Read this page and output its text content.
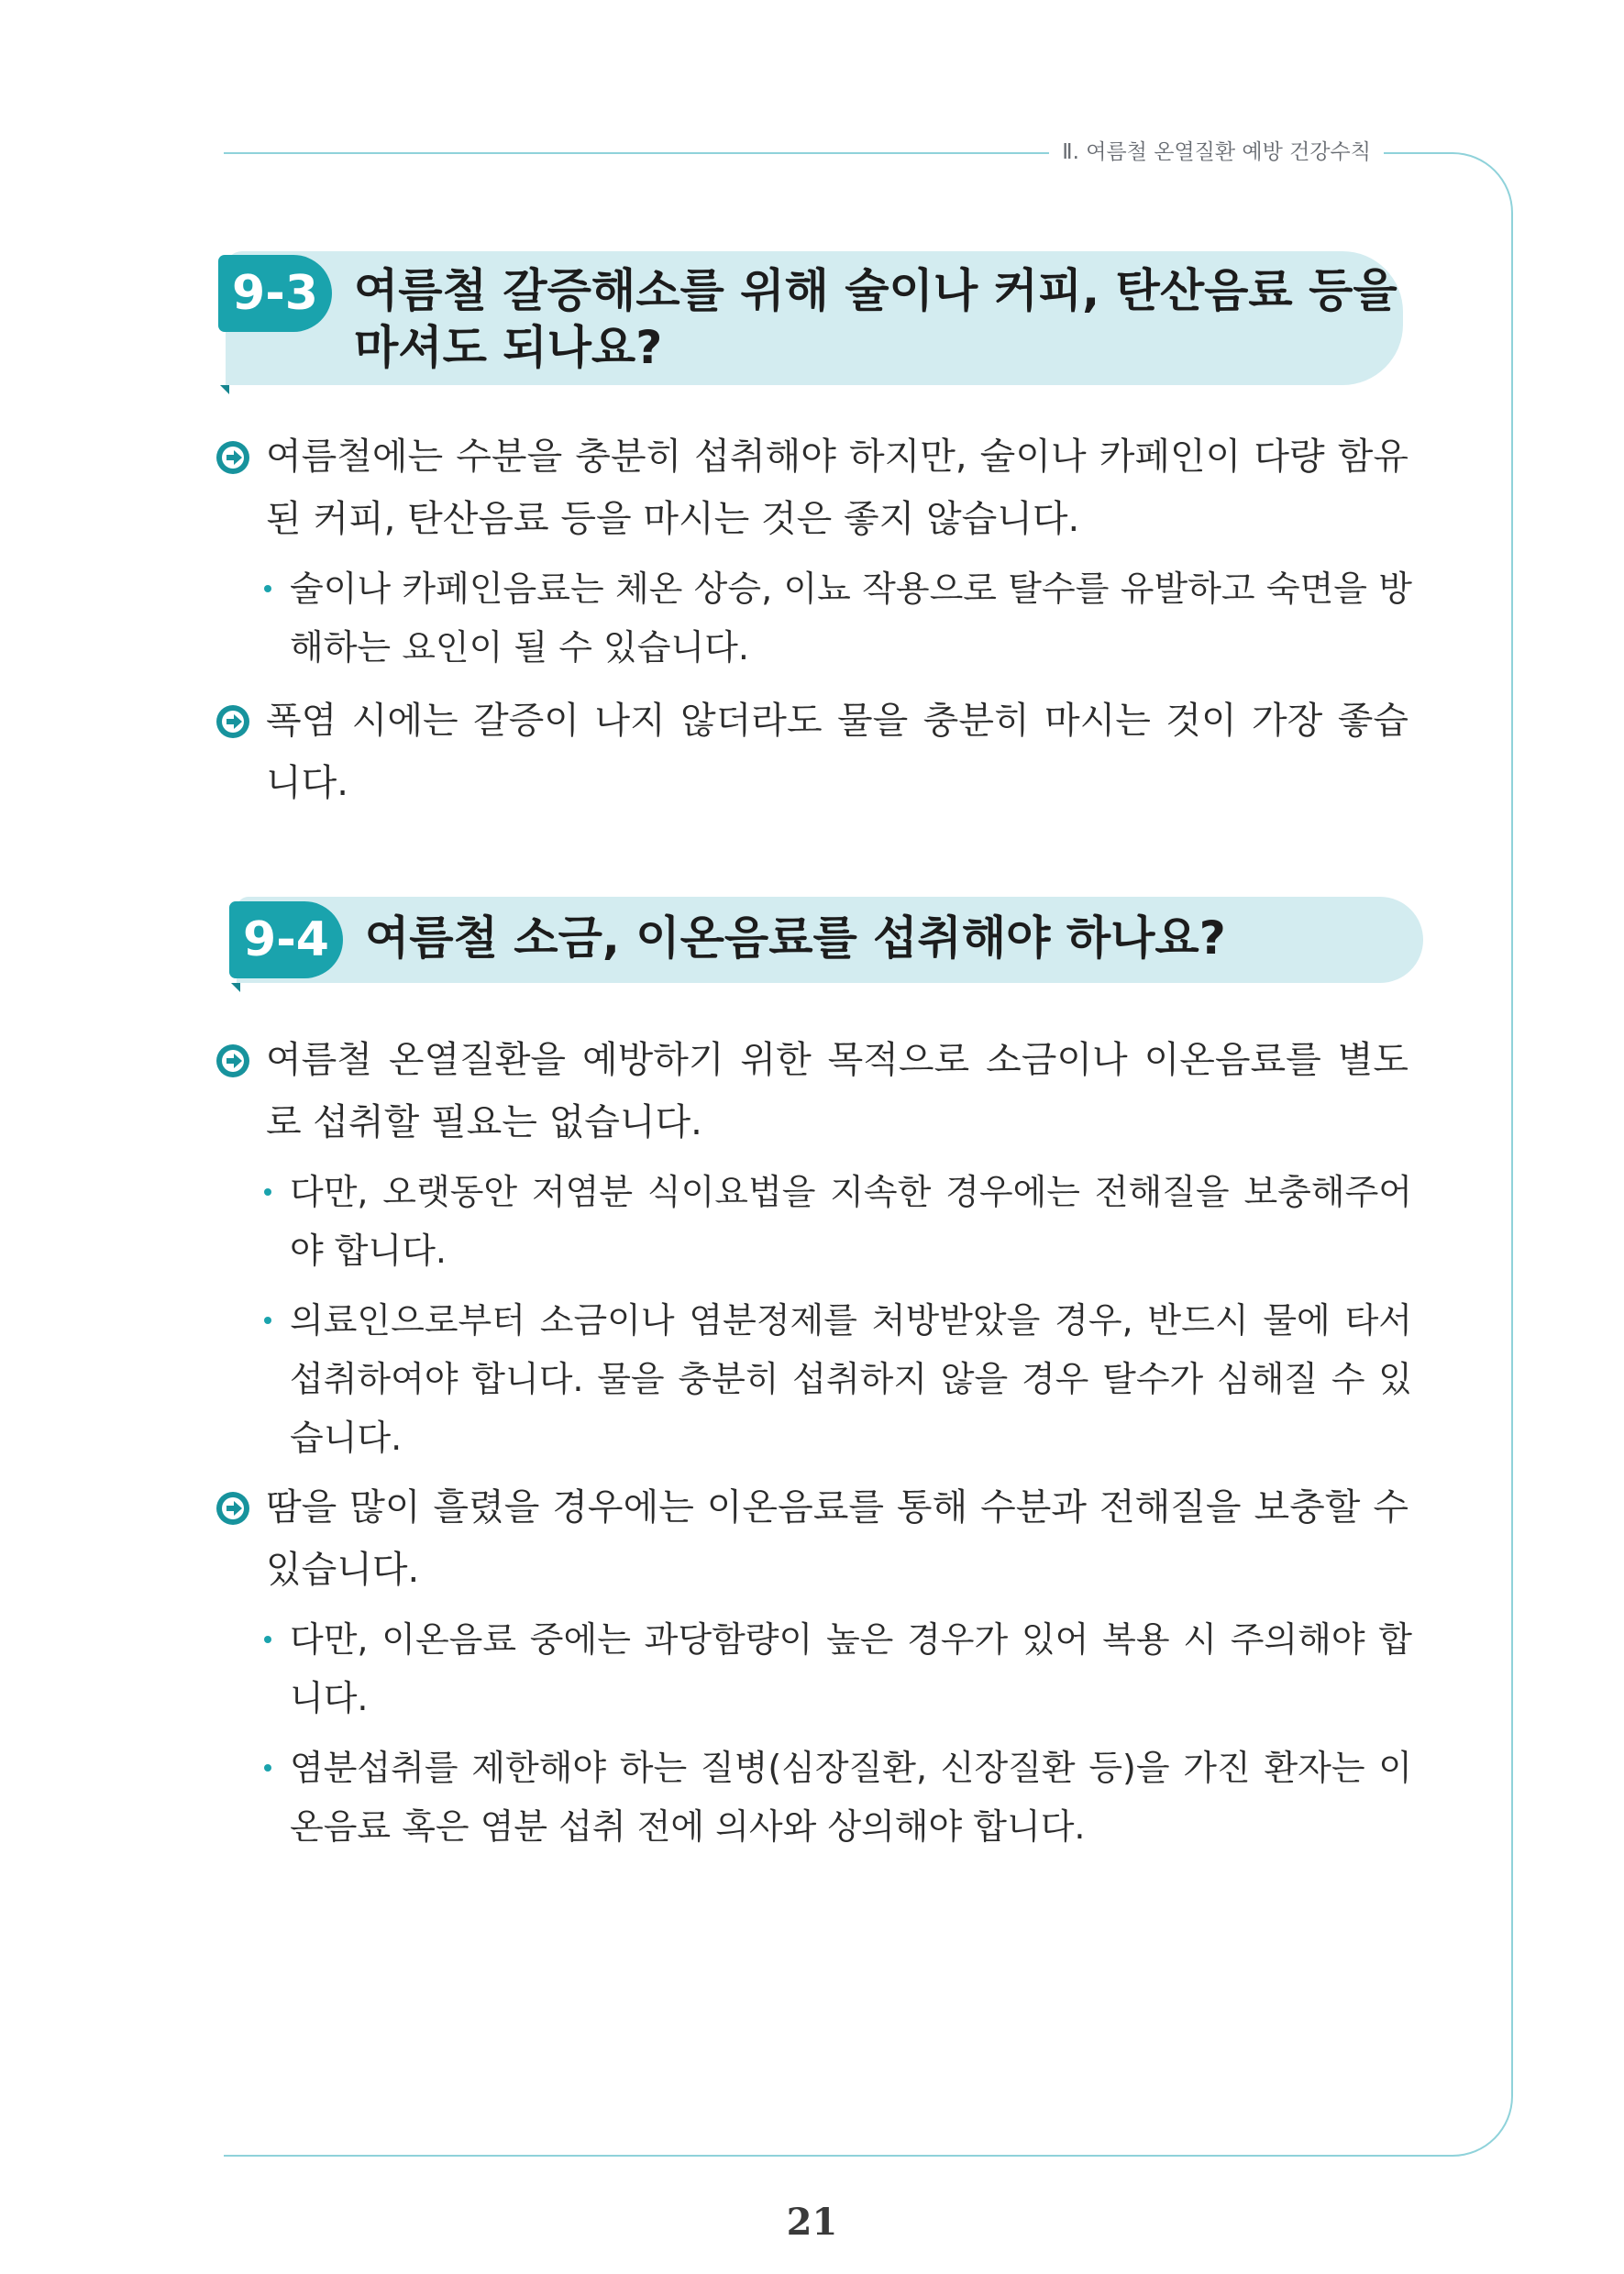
Ⅱ. 여름철 온열질환 예방 건강수칙
9-3 여름철 갈증해소를 위해 술이나 커피, 탄산음료 등을
마셔도 되나요?
여름철에는 수분을 충분히 섭취해야 하지만, 술이나 카페인이 다량 함유된 커피, 탄산음료 등을 마시는 것은 좋지 않습니다.
술이나 카페인음료는 체온 상승, 이뇨 작용으로 탈수를 유발하고 숙면을 방해하는 요인이 될 수 있습니다.
폭염 시에는 갈증이 나지 않더라도 물을 충분히 마시는 것이 가장 좋습니다.
9-4 여름철 소금, 이온음료를 섭취해야 하나요?
여름철 온열질환을 예방하기 위한 목적으로 소금이나 이온음료를 별도로 섭취할 필요는 없습니다.
다만, 오랫동안 저염분 식이요법을 지속한 경우에는 전해질을 보충해주어야 합니다.
의료인으로부터 소금이나 염분정제를 처방받았을 경우, 반드시 물에 타서 섭취하여야 합니다. 물을 충분히 섭취하지 않을 경우 탈수가 심해질 수 있습니다.
땀을 많이 흘렸을 경우에는 이온음료를 통해 수분과 전해질을 보충할 수 있습니다.
다만, 이온음료 중에는 과당함량이 높은 경우가 있어 복용 시 주의해야 합니다.
염분섭취를 제한해야 하는 질병(심장질환, 신장질환 등)을 가진 환자는 이온음료 혹은 염분 섭취 전에 의사와 상의해야 합니다.
21
